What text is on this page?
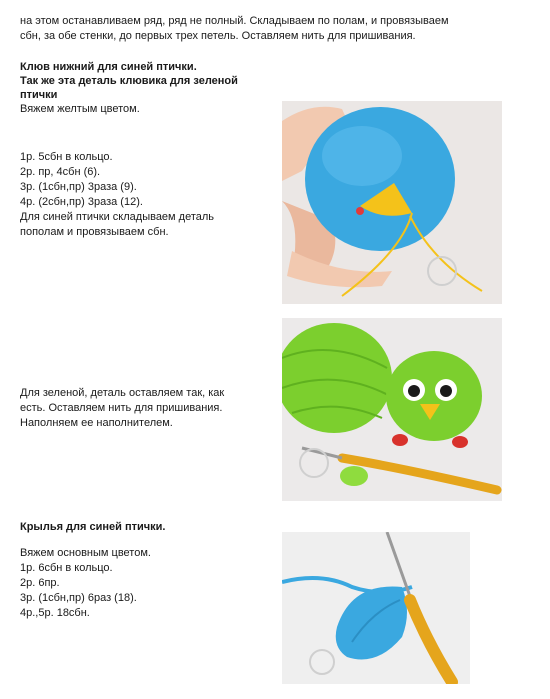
на этом останавливаем ряд, ряд не полный. Складываем по полам, и провязываем
сбн, за обе стенки, до первых трех петель. Оставляем нить для пришивания.
Клюв нижний для синей птички.
Так же эта деталь клювика для зеленой птички
Вяжем желтым цветом.
1р. 5сбн в кольцо.
2р. пр, 4сбн (6).
3р. (1сбн,пр) 3раза (9).
4р. (2сбн,пр) 3раза (12).
Для синей птички складываем деталь
пополам и провязываем сбн.
Для зеленой, деталь оставляем так, как
есть. Оставляем нить для пришивания.
Наполняем ее наполнителем.
Крылья для синей птички.
Вяжем основным цветом.
1р. 6сбн в кольцо.
2р. 6пр.
3р. (1сбн,пр) 6раз (18).
4р.,5р. 18сбн.
